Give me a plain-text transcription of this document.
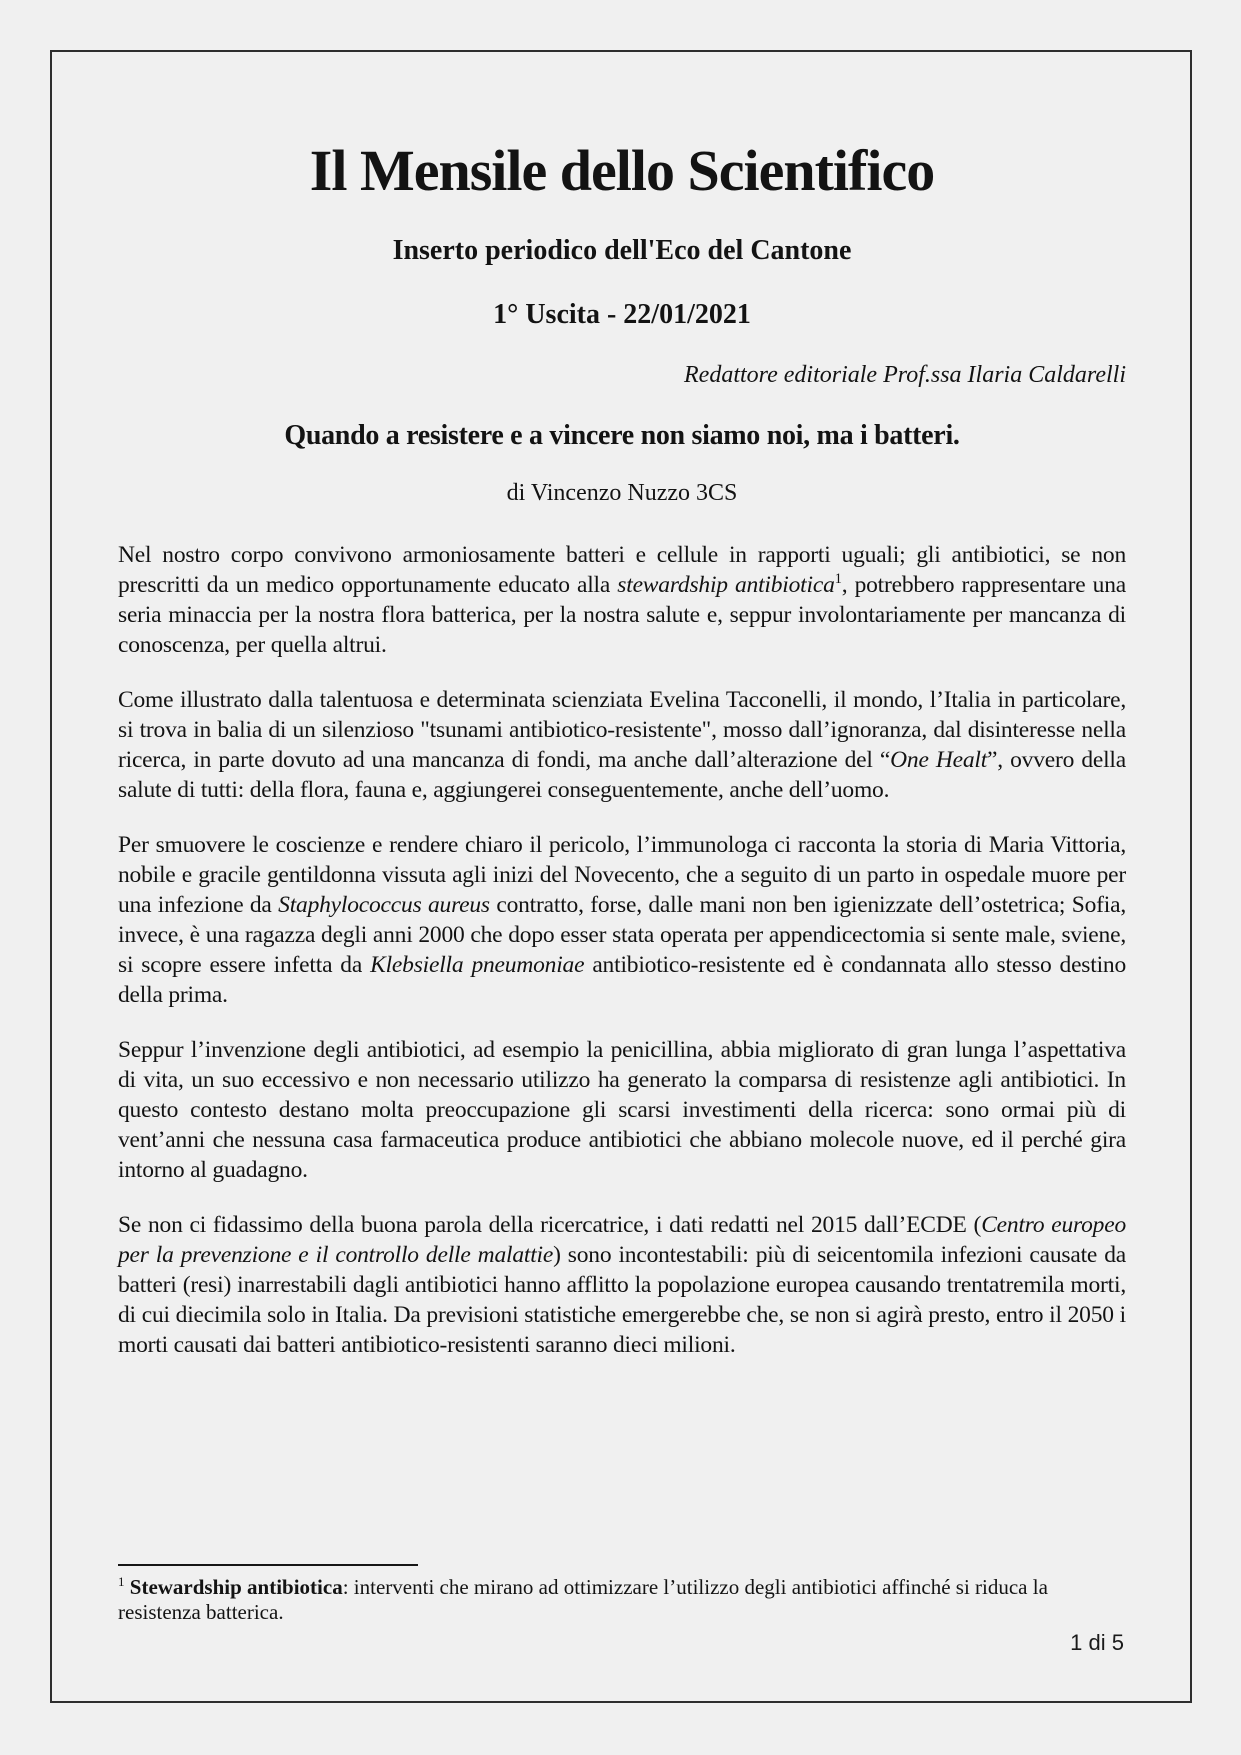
Il Mensile dello Scientifico
Inserto periodico dell'Eco del Cantone
1° Uscita - 22/01/2021
Redattore editoriale Prof.ssa Ilaria Caldarelli
Quando a resistere e a vincere non siamo noi, ma i batteri.
di Vincenzo Nuzzo 3CS

Nel nostro corpo convivono armoniosamente batteri e cellule in rapporti uguali; gli antibiotici, se non prescritti da un medico opportunamente educato alla stewardship antibiotica$^1$, potrebbero rappresentare una seria minaccia per la nostra flora batterica, per la nostra salute e, seppur involontariamente per mancanza di conoscenza, per quella altrui.

Come illustrato dalla talentuosa e determinata scienziata Evelina Tacconelli, il mondo, l’Italia in particolare, si trova in balia di un silenzioso "tsunami antibiotico-resistente", mosso dall’ignoranza, dal disinteresse nella ricerca, in parte dovuto ad una mancanza di fondi, ma anche dall’alterazione del “One Healt”, ovvero della salute di tutti: della flora, fauna e, aggiungerei conseguentemente, anche dell’uomo.

Per smuovere le coscienze e rendere chiaro il pericolo, l’immunologa ci racconta la storia di Maria Vittoria, nobile e gracile gentildonna vissuta agli inizi del Novecento, che a seguito di un parto in ospedale muore per una infezione da Staphylococcus aureus contratto, forse, dalle mani non ben igienizzate dell’ostetrica; Sofia, invece, è una ragazza degli anni 2000 che dopo esser stata operata per appendicectomia si sente male, sviene, si scopre essere infetta da Klebsiella pneumoniae antibiotico-resistente ed è condannata allo stesso destino della prima.

Seppur l’invenzione degli antibiotici, ad esempio la penicillina, abbia migliorato di gran lunga l’aspettativa di vita, un suo eccessivo e non necessario utilizzo ha generato la comparsa di resistenze agli antibiotici. In questo contesto destano molta preoccupazione gli scarsi investimenti della ricerca: sono ormai più di vent’anni che nessuna casa farmaceutica produce antibiotici che abbiano molecole nuove, ed il perché gira intorno al guadagno.

Se non ci fidassimo della buona parola della ricercatrice, i dati redatti nel 2015 dall’ECDE (Centro europeo per la prevenzione e il controllo delle malattie) sono incontestabili: più di seicentomila infezioni causate da batteri (resi) inarrestabili dagli antibiotici hanno afflitto la popolazione europea causando trentatremila morti, di cui diecimila solo in Italia. Da previsioni statistiche emergerebbe che, se non si agirà presto, entro il 2050 i morti causati dai batteri antibiotico-resistenti saranno dieci milioni.

$^1$ Stewardship antibiotica: interventi che mirano ad ottimizzare l’utilizzo degli antibiotici affinché si riduca la resistenza batterica.
1 di 5
